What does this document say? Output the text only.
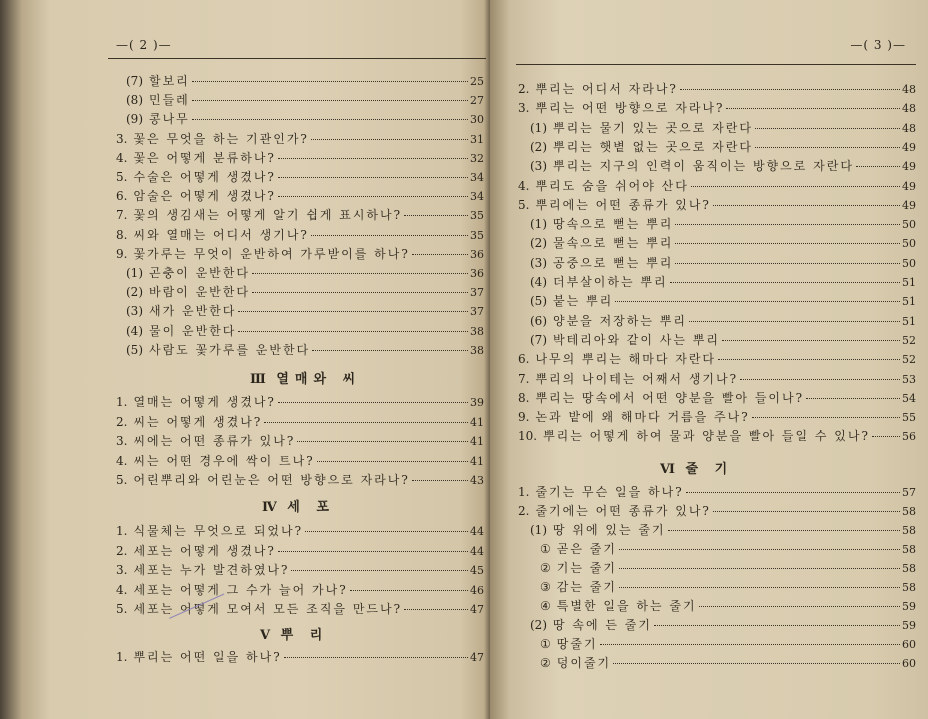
—( 2 )—
(7) 할보리	25
(8) 민들레	27
(9) 콩나무	30
3. 꽃은 무엇을 하는 기관인가?	31
4. 꽃은 어떻게 분류하나?	32
5. 수술은 어떻게 생겼나?	34
6. 암술은 어떻게 생겼나?	34
7. 꽃의 생김새는 어떻게 알기 쉽게 표시하나?	35
8. 씨와 열매는 어디서 생기나?	35
9. 꽃가루는 무엇이 운반하여 가루받이를 하나?	36
(1) 곤충이 운반한다	36
(2) 바람이 운반한다	37
(3) 새가 운반한다	37
(4) 물이 운반한다	38
(5) 사람도 꽃가루를 운반한다	38
Ⅲ 열매와 씨
1. 열매는 어떻게 생겼나?	39
2. 씨는 어떻게 생겼나?	41
3. 씨에는 어떤 종류가 있나?	41
4. 씨는 어떤 경우에 싹이 트나?	41
5. 어린뿌리와 어린눈은 어떤 방향으로 자라나?	43
Ⅳ 세 포
1. 식물체는 무엇으로 되었나?	44
2. 세포는 어떻게 생겼나?	44
3. 세포는 누가 발견하였나?	45
4. 세포는 어떻게 그 수가 늘어 가나?	46
5. 세포는 어떻게 모여서 모든 조직을 만드나?	47
Ⅴ 뿌 리
1. 뿌리는 어떤 일을 하나?	47
—( 3 )—
2. 뿌리는 어디서 자라나?	48
3. 뿌리는 어떤 방향으로 자라나?	48
(1) 뿌리는 물기 있는 곳으로 자란다	48
(2) 뿌리는 햇볕 없는 곳으로 자란다	49
(3) 뿌리는 지구의 인력이 움직이는 방향으로 자란다	49
4. 뿌리도 숨을 쉬어야 산다	49
5. 뿌리에는 어떤 종류가 있나?	49
(1) 땅속으로 뻗는 뿌리	50
(2) 물속으로 뻗는 뿌리	50
(3) 공중으로 뻗는 뿌리	50
(4) 더부살이하는 뿌리	51
(5) 붙는 뿌리	51
(6) 양분을 저장하는 뿌리	51
(7) 박테리아와 같이 사는 뿌리	52
6. 나무의 뿌리는 해마다 자란다	52
7. 뿌리의 나이테는 어째서 생기나?	53
8. 뿌리는 땅속에서 어떤 양분을 빨아 들이나?	54
9. 논과 밭에 왜 해마다 거름을 주나?	55
10. 뿌리는 어떻게 하여 물과 양분을 빨아 들일 수 있나?	56
Ⅵ 줄 기
1. 줄기는 무슨 일을 하나?	57
2. 줄기에는 어떤 종류가 있나?	58
(1) 땅 위에 있는 줄기	58
① 곧은 줄기	58
② 기는 줄기	58
③ 감는 줄기	58
④ 특별한 일을 하는 줄기	59
(2) 땅 속에 든 줄기	59
① 땅줄기	60
② 덩이줄기	60
